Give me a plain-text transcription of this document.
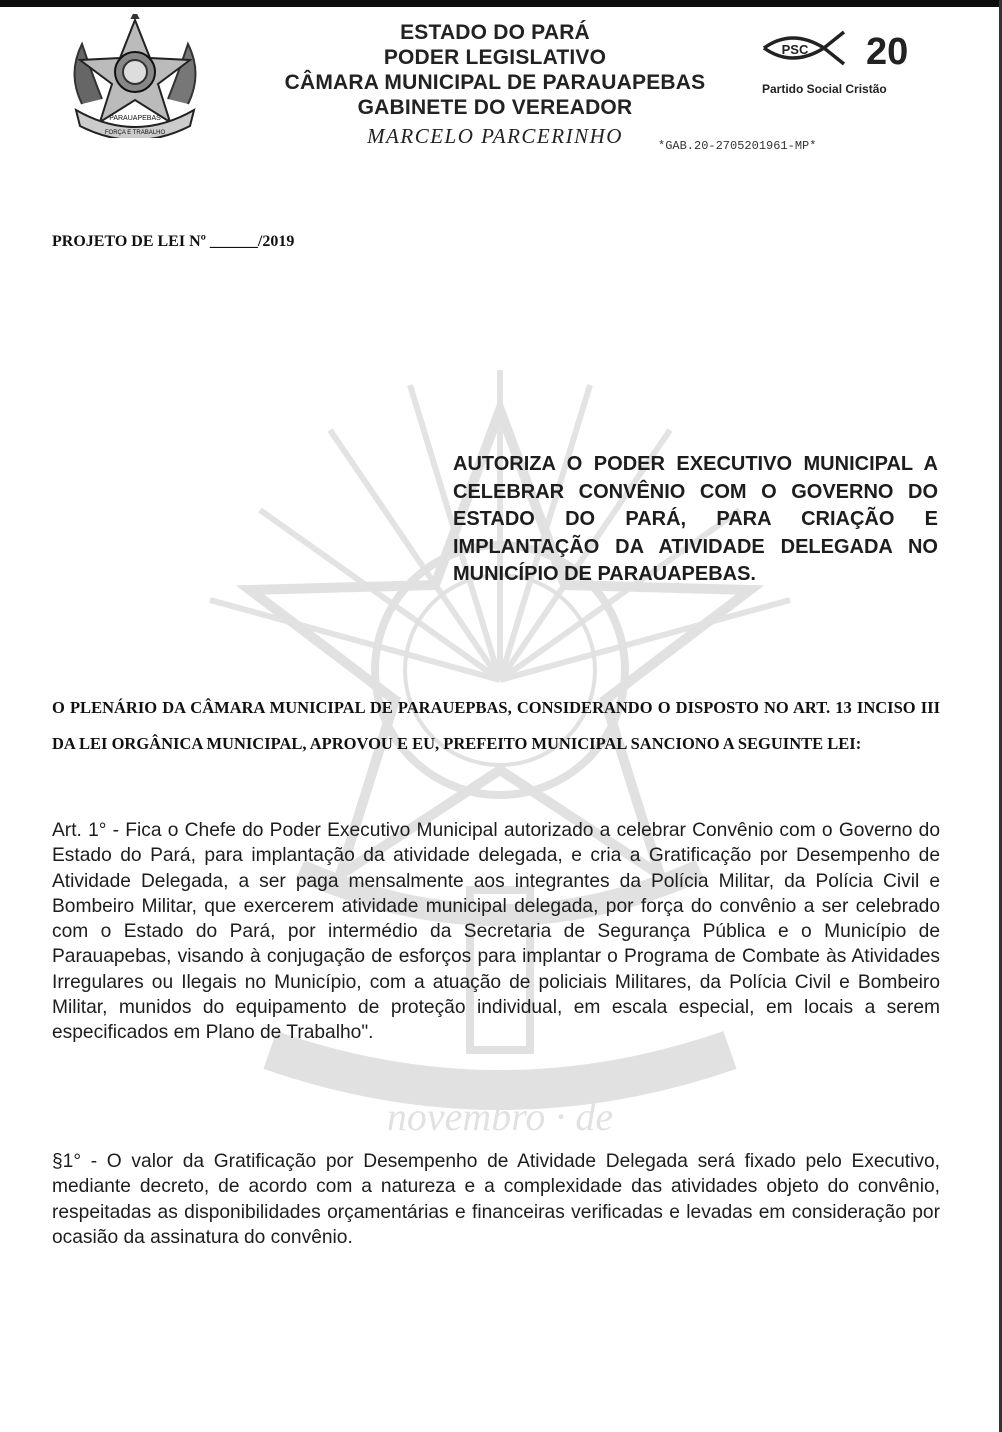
novembro · de
PARAUAPEBAS
FORÇA E TRABALHO
ESTADO DO PARÁ
PODER LEGISLATIVO
CÂMARA MUNICIPAL DE PARAUAPEBAS
GABINETE DO VEREADOR
MARCELO PARCERINHO	*GAB.20-2705201961-MP*
PSC 20
Partido Social Cristão
PROJETO DE LEI Nº ______/2019
AUTORIZA O PODER EXECUTIVO MUNICIPAL A CELEBRAR CONVÊNIO COM O GOVERNO DO ESTADO DO PARÁ, PARA CRIAÇÃO E IMPLANTAÇÃO DA ATIVIDADE DELEGADA NO MUNICÍPIO DE PARAUAPEBAS.
O PLENÁRIO DA CÂMARA MUNICIPAL DE PARAUEPBAS, CONSIDERANDO O DISPOSTO NO ART. 13 INCISO III DA LEI ORGÂNICA MUNICIPAL, APROVOU E EU, PREFEITO MUNICIPAL SANCIONO A SEGUINTE LEI:
Art. 1° - Fica o Chefe do Poder Executivo Municipal autorizado a celebrar Convênio com o Governo do Estado do Pará, para implantação da atividade delegada, e cria a Gratificação por Desempenho de Atividade Delegada, a ser paga mensalmente aos integrantes da Polícia Militar, da Polícia Civil e Bombeiro Militar, que exercerem atividade municipal delegada, por força do convênio a ser celebrado com o Estado do Pará, por intermédio da Secretaria de Segurança Pública e o Município de Parauapebas, visando à conjugação de esforços para implantar o Programa de Combate às Atividades Irregulares ou Ilegais no Município, com a atuação de policiais Militares, da Polícia Civil e Bombeiro Militar, munidos do equipamento de proteção individual, em escala especial, em locais a serem especificados em Plano de Trabalho".
§1° - O valor da Gratificação por Desempenho de Atividade Delegada será fixado pelo Executivo, mediante decreto, de acordo com a natureza e a complexidade das atividades objeto do convênio, respeitadas as disponibilidades orçamentárias e financeiras verificadas e levadas em consideração por ocasião da assinatura do convênio.
